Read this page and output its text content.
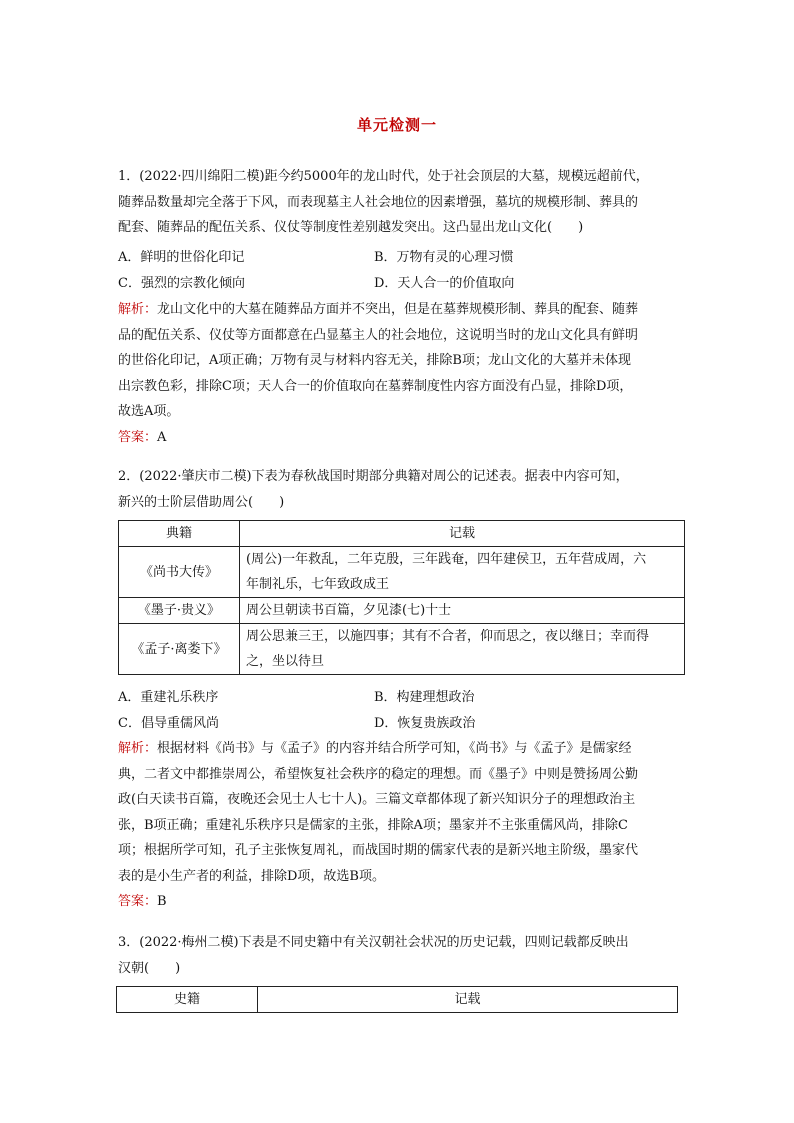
单元检测一
1．(2022·四川绵阳二模)距今约5000年的龙山时代，处于社会顶层的大墓，规模远超前代，
随葬品数量却完全落于下风，而表现墓主人社会地位的因素增强，墓坑的规模形制、葬具的
配套、随葬品的配伍关系、仪仗等制度性差别越发突出。这凸显出龙山文化(　　)
A．鲜明的世俗化印记	B．万物有灵的心理习惯
C．强烈的宗教化倾向	D．天人合一的价值取向
解析：龙山文化中的大墓在随葬品方面并不突出，但是在墓葬规模形制、葬具的配套、随葬
品的配伍关系、仪仗等方面都意在凸显墓主人的社会地位，这说明当时的龙山文化具有鲜明
的世俗化印记，A项正确；万物有灵与材料内容无关，排除B项；龙山文化的大墓并未体现
出宗教色彩，排除C项；天人合一的价值取向在墓葬制度性内容方面没有凸显，排除D项，
故选A项。
答案：A
2．(2022·肇庆市二模)下表为春秋战国时期部分典籍对周公的记述表。据表中内容可知，
新兴的士阶层借助周公(　　)
典籍	记载
《尚书大传》	(周公)一年救乱，二年克殷，三年践奄，四年建侯卫，五年营成周，六
年制礼乐，七年致政成王

《墨子·贵义》	周公旦朝读书百篇，夕见漆(七)十士

《孟子·离娄下》	周公思兼三王，以施四事；其有不合者，仰而思之，夜以继日；幸而得
之，坐以待旦
A．重建礼乐秩序	B．构建理想政治
C．倡导重儒风尚	D．恢复贵族政治
解析：根据材料《尚书》与《孟子》的内容并结合所学可知，《尚书》与《孟子》是儒家经
典，二者文中都推崇周公，希望恢复社会秩序的稳定的理想。而《墨子》中则是赞扬周公勤
政(白天读书百篇，夜晚还会见士人七十人)。三篇文章都体现了新兴知识分子的理想政治主
张，B项正确；重建礼乐秩序只是儒家的主张，排除A项；墨家并不主张重儒风尚，排除C
项；根据所学可知，孔子主张恢复周礼，而战国时期的儒家代表的是新兴地主阶级，墨家代
表的是小生产者的利益，排除D项，故选B项。
答案：B
3．(2022·梅州二模)下表是不同史籍中有关汉朝社会状况的历史记载，四则记载都反映出
汉朝(　　)
史籍	记载
